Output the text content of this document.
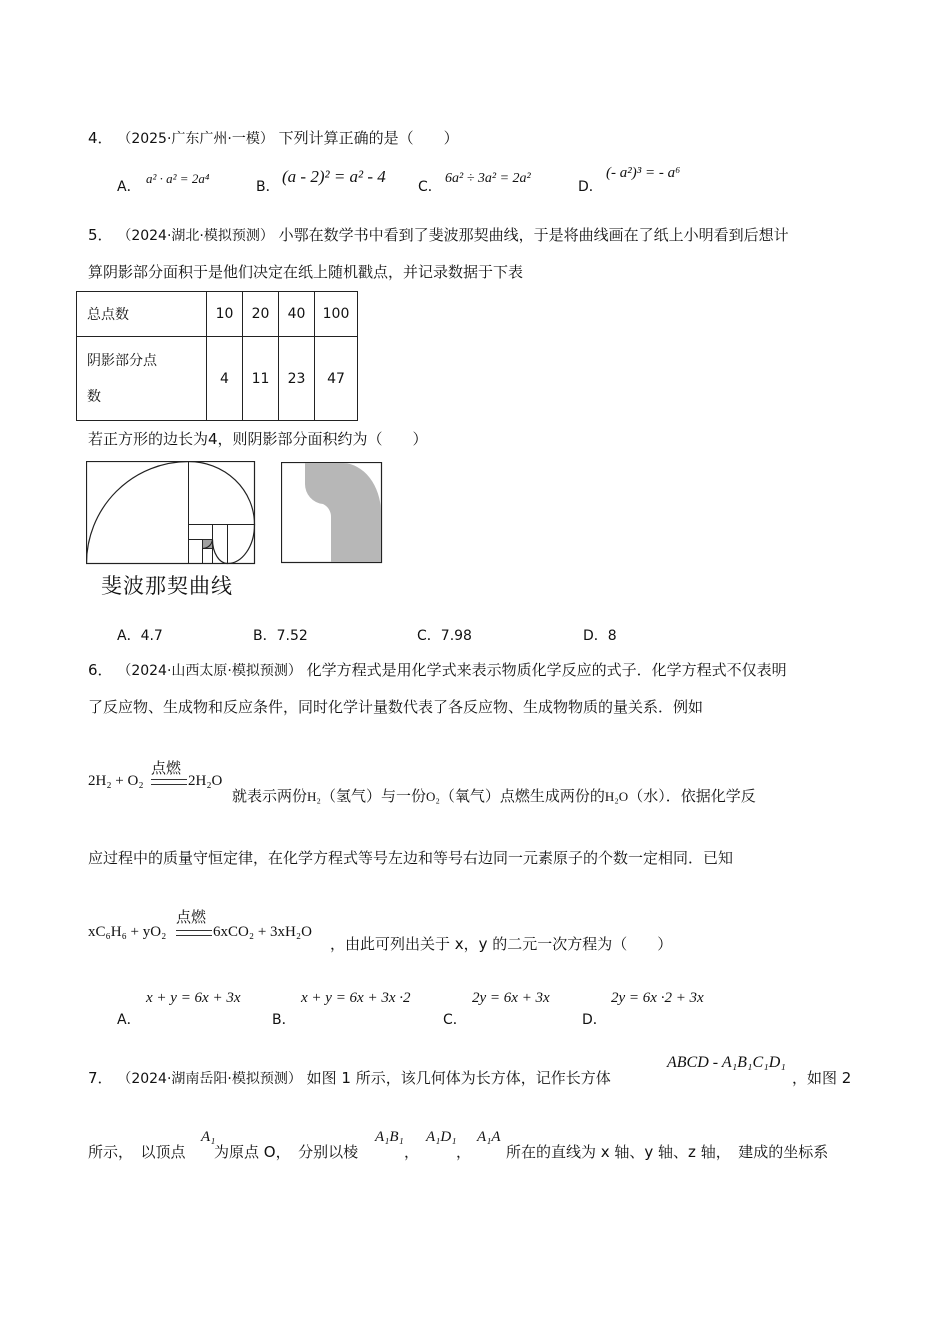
4． （2025·广东广州·一模） 下列计算正确的是（　　）
A．
a² · a² = 2a⁴
B．
(a - 2)² = a² - 4
C．
6a² ÷ 3a² = 2a²
D．
(- a²)³ = - a⁶
5． （2024·湖北·模拟预测） 小鄂在数学书中看到了斐波那契曲线，于是将曲线画在了纸上小明看到后想计
算阴影部分面积于是他们决定在纸上随机戳点，并记录数据于下表
总点数	10	20	40	100
阴影部分点
数	4	11	23	47
若正方形的边长为4，则阴影部分面积约为（　　）
斐波那契曲线
A．4.7	B．7.52	C．7.98	D．8
6． （2024·山西太原·模拟预测） 化学方程式是用化学式来表示物质化学反应的式子．化学方程式不仅表明
了反应物、生成物和反应条件，同时化学计量数代表了各反应物、生成物物质的量关系．例如
2H₂ + O₂
点燃
2H₂O
就表示两份H₂（氢气）与一份O₂（氧气）点燃生成两份的H₂O（水）．依据化学反
应过程中的质量守恒定律，在化学方程式等号左边和等号右边同一元素原子的个数一定相同．已知
xC₆H₆ + yO₂
点燃
6xCO₂ + 3xH₂O
，由此可列出关于 x，y 的二元一次方程为（　　）
A．
x + y = 6x + 3x
B．
x + y = 6x + 3x ·2
C．
2y = 6x + 3x
D．
2y = 6x ·2 + 3x
7． （2024·湖南岳阳·模拟预测） 如图 1 所示，该几何体为长方体，记作长方体
ABCD - A₁B₁C₁D₁
，如图 2
所示，　以顶点
A₁
为原点 O，　分别以棱
A₁B₁
，
A₁D₁
，
A₁A
所在的直线为 x 轴、y 轴、z 轴，　建成的坐标系
